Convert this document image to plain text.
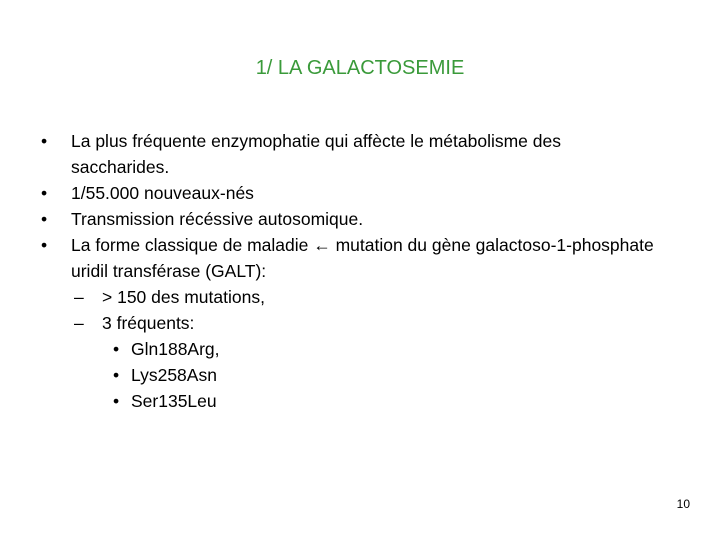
1/ LA GALACTOSEMIE
• La plus fréquente enzymophatie qui affècte le métabolisme des saccharides.
• 1/55.000 nouveaux-nés
• Transmission récéssive autosomique.
• La forme classique de maladie ← mutation du gène galactoso-1-phosphate uridil transférase (GALT):
– > 150 des mutations,
– 3 fréquents:
• Gln188Arg,
• Lys258Asn
• Ser135Leu
10
